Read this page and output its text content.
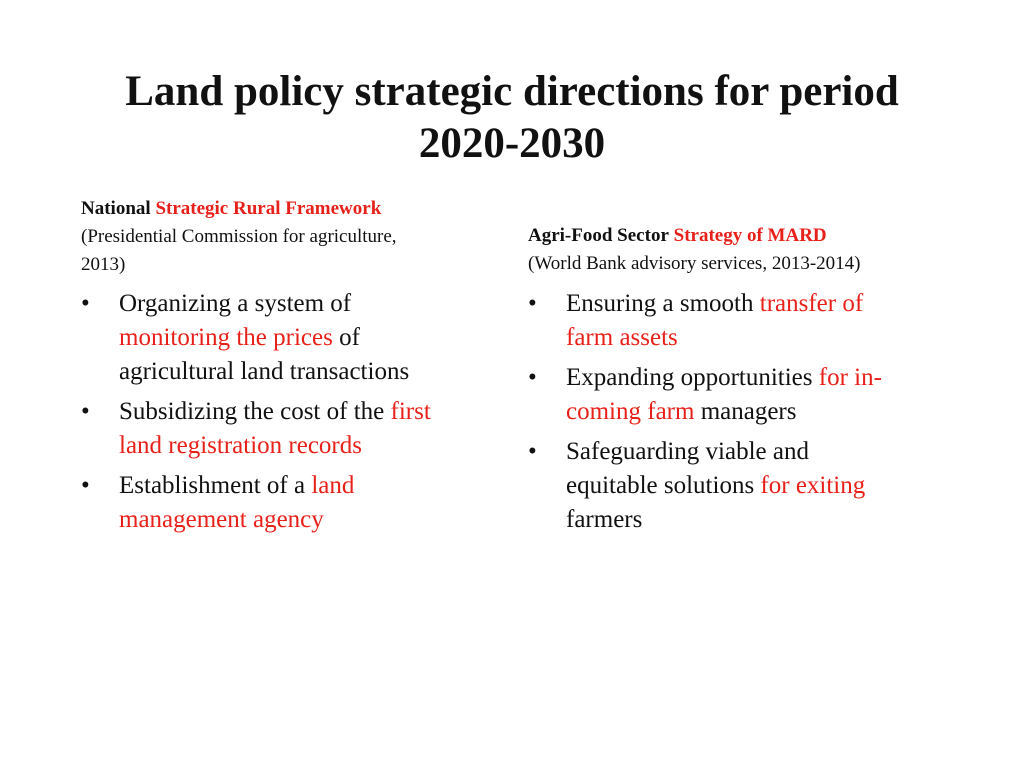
Land policy strategic directions for period
2020-2030
National Strategic Rural Framework
(Presidential Commission for agriculture,
2013)
• Organizing a system of
monitoring the prices of
agricultural land transactions
• Subsidizing the cost of the first
land registration records
• Establishment of a land
management agency
Agri-Food Sector Strategy of MARD
(World Bank advisory services, 2013-2014)
• Ensuring a smooth transfer of
farm assets
• Expanding opportunities for in-
coming farm managers
• Safeguarding viable and
equitable solutions for exiting
farmers
